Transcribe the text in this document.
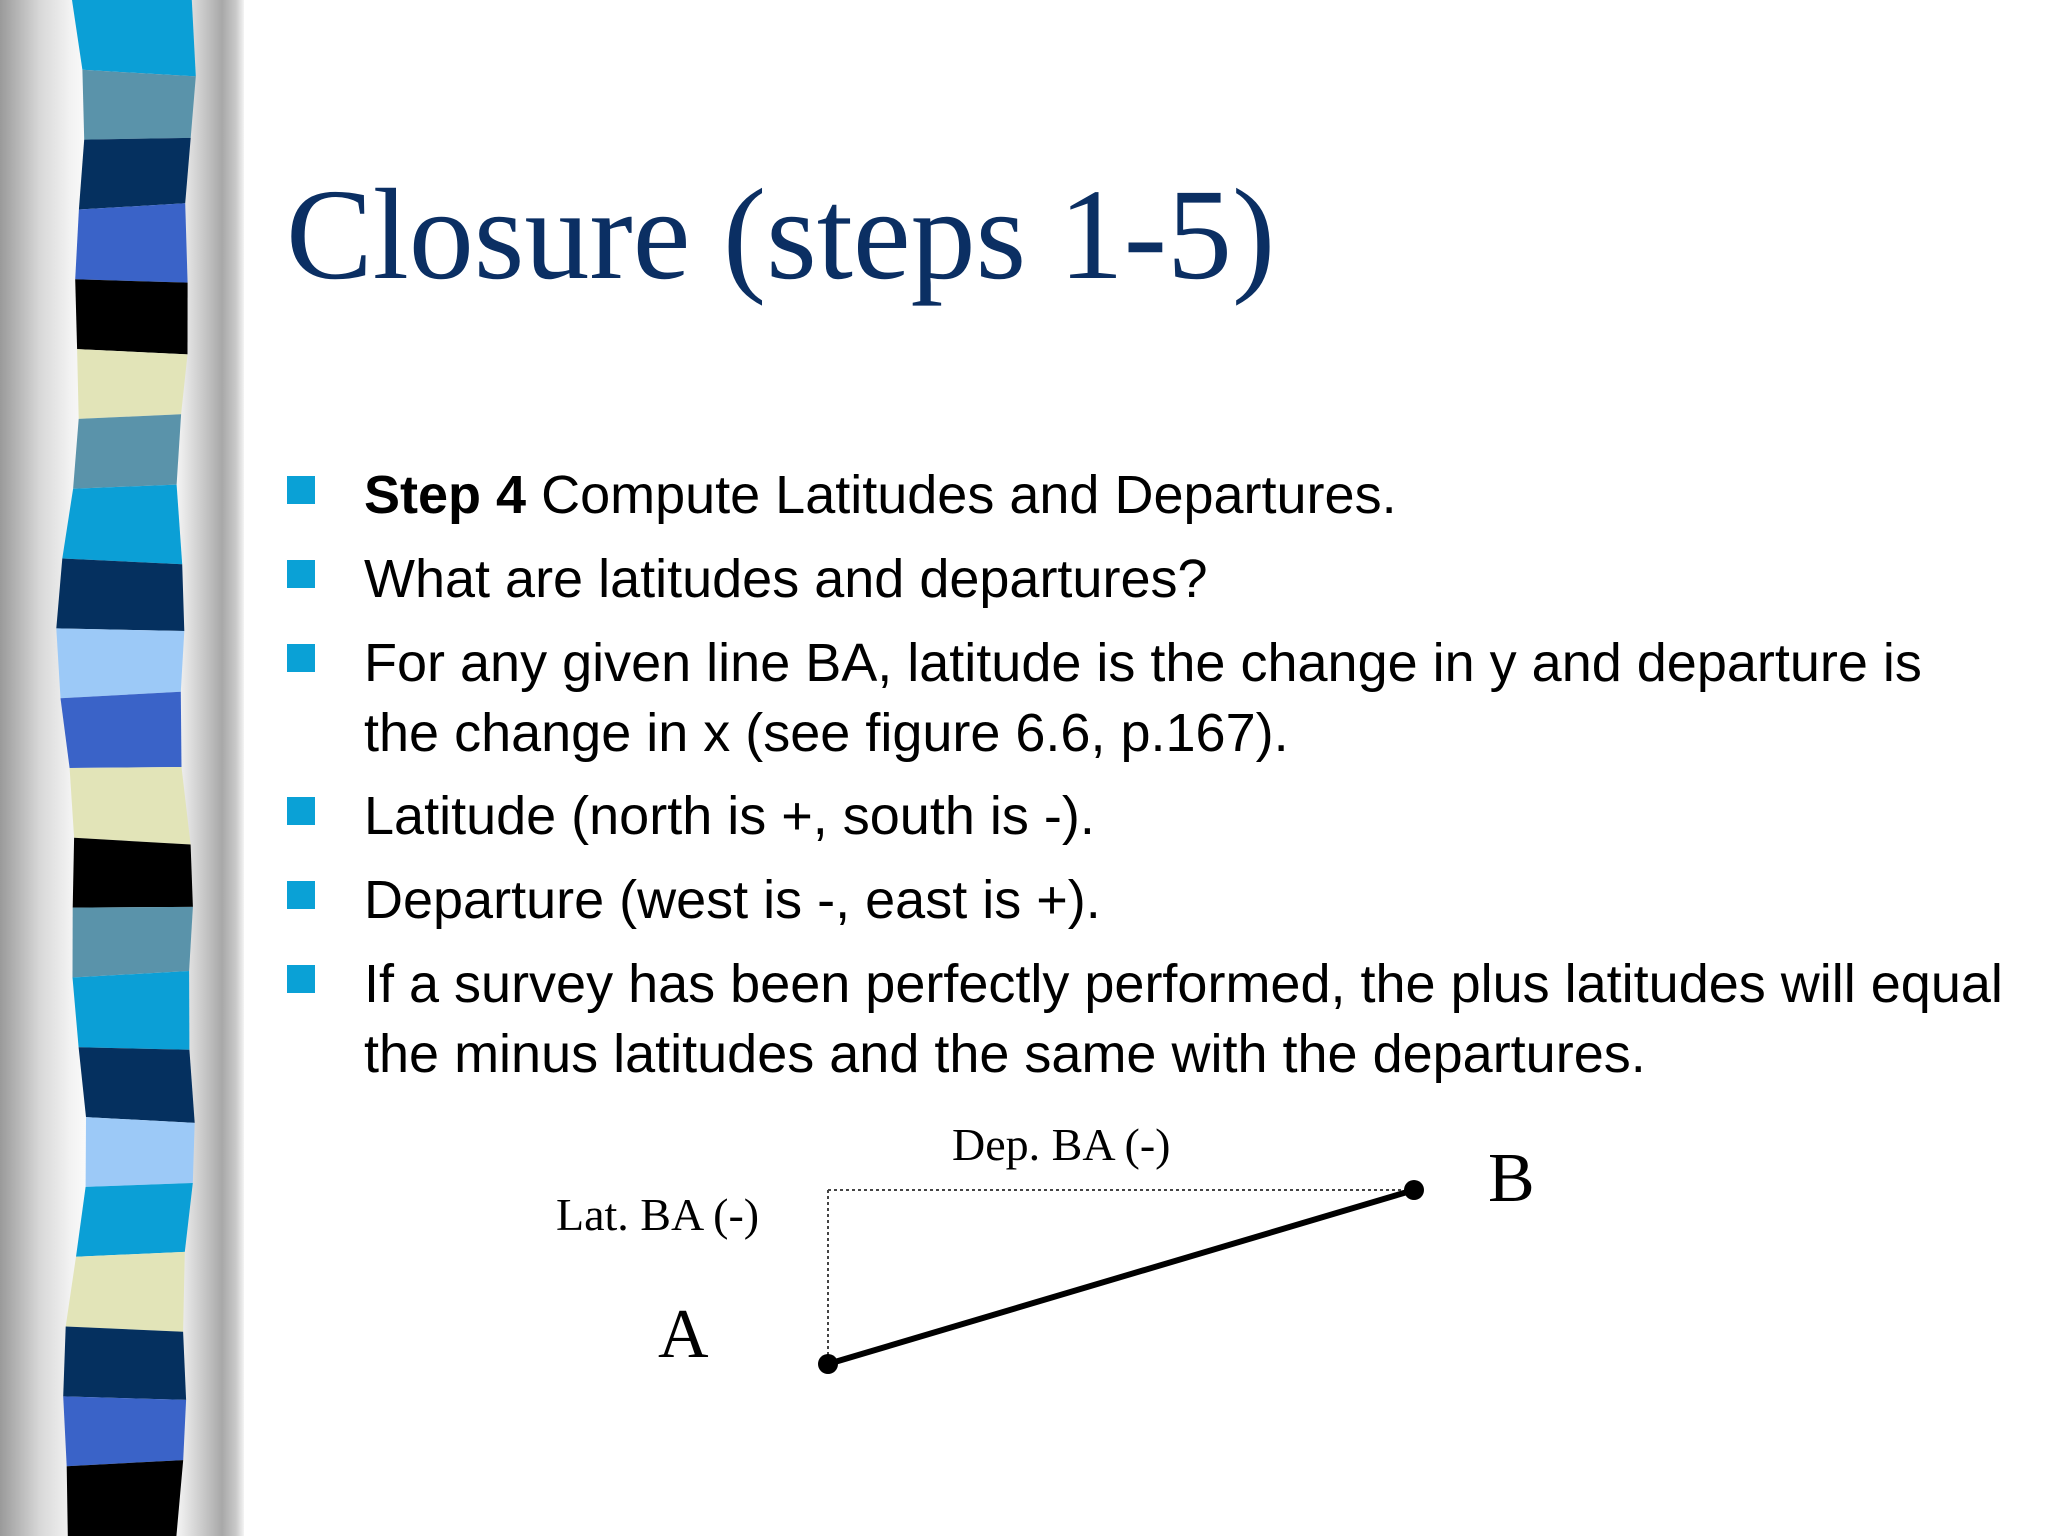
Closure (steps 1-5)
Step 4 Compute Latitudes and Departures.
What are latitudes and departures?
For any given line BA, latitude is the change in y and departure is the change in x (see figure 6.6, p.167).
Latitude (north is +, south is -).
Departure (west is -, east is +).
If a survey has been perfectly performed, the plus latitudes will equal the minus latitudes and the same with the departures.
Dep. BA (-)
Lat. BA (-)
A
B
